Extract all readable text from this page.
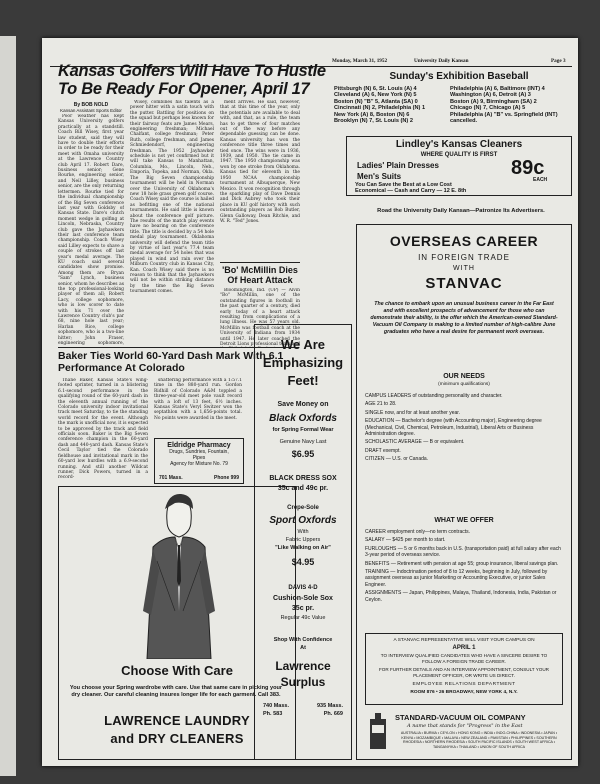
Monday, March 31, 1952	University Daily Kansan	Page 3
Kansas Golfers Will Have To Hustle To Be Ready For Opener, April 17
By BOB NOLD
Kansan Assistant Sports Editor

Poor weather has kept Kansas University golfers practically at a standstill. Coach Bill Wisey, first year law student, said they will have to double their efforts in order to be ready for their meet with Omaha university at the Lawrence Country club April 17. Robert Dare, business senior; Gene Rourke, engineering senior, and Neil Lilley, business senior, are the only returning lettermen. Rourke tied for the individual championship of the Big Seven conference last year with Goldsby of Kansas State. Dare's clutch moment wedge in golfing at Lincoln, Nebraska, Country club gave the Jayhawkers their last conference team championship. Coach Wisey said Lilley expects to shave a couple of strokes off last year's medal average. The KU coach said several candidates show promise. Among them are Bryan "Sam" Lynch, business senior, whom he describes as the top professional-looking player of them all; Robert Lacy, college sophomore, who is low scorer to date with his 71 over the Lawrence Country club's par 68, nine hole last year; Harlan Rice, college sophomore, who is a two-line hitter; John Fraser, engineering sophomore,

Wisey, combines his talents as a power hitter with a satin touch with the putter. Battling for positions on the squad but perhaps less known for their fairway feats are James Mears, engineering freshman; Michael Chalfant, college freshman; Peter Ruth, college freshman, and James Schmiedendorf, engineering freshman. The 1952 Jayhawker schedule is not yet confirmed but it will take Kansas to Manhattan, Columbia, Mo., Lincoln, Neb., Emporia, Topeka, and Norman, Okla. The Big Seven championship tournament will be held in Norman over the University of Oklahoma's new 18 hole grass green golf course. Coach Wisey said the course is hailed as befitting one of the national tournaments. He said little is known about the conference golf picture. The results of the match play events have no bearing on the conference title. The title is decided by a 54 hole medal play tournament. Oklahoma university will defend the team title by virtue of last year's 77.4 team medal average for 54 holes that was played in wind and rain over the Milburn Country club in Kansas City, Kan. Coach Wisey said there is no reason to think that the Jayhawkers will not be within striking distance by the time the Big Seven tournament comes.

ment arrives. He said, however, that at this time of the year, only the potentials are available to deal with, and that, as a rule, the team has to get three of four matches out of the way before any dependable guessing can be done. Kansas university has won the conference title three times and tied once. The wins were in 1936, 1939, and 1950. The tie came in 1947. The 1950 championship was won by one stroke from Oklahoma. Kansas tied for eleventh in the 1950 NCAA championship tournament at Albuquerque, New Mexico. It won recognition through the sparkling play of Dave Dennis and Dick Aubrey who took their place in KU golf history with such outstanding players as Bob Butler, Glenn Galloway, Dean Ritchie, and W. R. "Ted" Jones.

'Bo' McMillin Dies Of Heart Attack

Bloomington, Ind. (UP) — Alvin "Bo" McMillin, one of the outstanding figures in football in the past quarter of a century, died early today of a heart attack resulting from complications of a lung illness. He was 57 years old. McMillin was football coach at the University of Indiana from 1934 until 1947. He later coached the Detroit Lions professional team and

Baker Ties World 60-Yard Dash Mark With 6.1 Performance At Colorado

Thane Baker, Kansas State's wing-footed sprinter, turned in a blistering 6.1-second performance in the qualifying round of the 60-yard dash in the eleventh annual running of the Colorado university indoor invitational track meet Saturday, to tie the standing world record for the event. Although the mark is unofficial now, it is expected to be approved by the track and field officials soon. Baker is the Big Seven conference champion in the 60-yard dash and 440-yard dash. Kansas State's Cecil Taylor tied the Colorado fieldhouse and invitational mark in the 60-yard low hurdles with a 6.9-second running. And still another Wildcat runner, Dick Powers, turned in a record-

shattering performance with a 1:57.1 time in the 880-yard run. Gordon Ridhill of Colorado A&M toppled a three-year-old meet pole vault record with a loft of 13 feet, 6½ inches. Kansas State's Veryl Switzer won the septathlon with a 1,656-points total. No points were awarded in the meet.

Eldridge Pharmacy
Drugs, Sundries, Fountain,
Pipes
Agency for Mixture No. 79
701 Mass.	Phone 999
Choose With Care
You choose your Spring wardrobe with care. Use that same care in picking your dry cleaner. Our careful cleaning insures longer life for each garment. Call 383.
LAWRENCE LAUNDRY
and DRY CLEANERS
We Are
Emphasizing
Feet!
Save Money on
Black Oxfords
for Spring Formal Wear
Genuine Navy Last
$6.95
BLACK DRESS SOX
35c and 49c pr.
Crepe-Sole
Sport Oxfords
With
Fabric Uppers
"Like Walking on Air"
$4.95
DAVIS 4-D
Cushion-Sole Sox
35c pr.
Regular 49c Value
Shop With Confidence
At
Lawrence
Surplus
740 Mass.
Ph. 583
935 Mass.
Ph. 669
Sunday's Exhibition Baseball
Pittsburgh (N) 6, St. Louis (A) 4
Cleveland (A) 6, New York (N) 5
Boston (N) "B" 5, Atlanta (SA) 0
Cincinnati (N) 2, Philadelphia (N) 1
New York (A) 8, Boston (N) 6
Brooklyn (N) 7, St. Louis (N) 2
Philadelphia (A) 6, Baltimore (INT) 4
Washington (A) 6, Detroit (A) 3
Boston (A) 9, Birmingham (SA) 2
Chicago (N) 7, Chicago (A) 5
Philadelphia (A) "B" vs. Springfield (INT) cancelled.
Lindley's Kansas Cleaners
WHERE QUALITY IS FIRST
Ladies' Plain Dresses
Men's Suits	89c
EACH
You Can Save the Best at a Low Cost
Economical — Cash and Carry — 12 E. 8th
Road the University Daily Kansan—Patronize Its Advertisers.
OVERSEAS CAREER
IN FOREIGN TRADE
WITH
STANVAC
The chance to embark upon an unusual business career in the Far East and with excellent prospects of advancement for those who can demonstrate their ability, is the offer which the American-owned Standard-Vacuum Oil Company is making to a limited number of high-calibre June graduates who have a real desire for permanent work overseas.
OUR NEEDS
(minimum qualifications)
CAMPUS LEADERS of outstanding personality and character.
AGE 21 to 28.
SINGLE now, and for at least another year.
EDUCATION — Bachelor's degree (with Accounting major), Engineering degree (Mechanical, Civil, Chemical, Petroleum, Industrial), Liberal Arts or Business Administration degree.
SCHOLASTIC AVERAGE — B or equivalent.
DRAFT exempt.
CITIZEN — U.S. or Canada.
WHAT WE OFFER
CAREER employment only—no term contracts.
SALARY — $425 per month to start.
FURLOUGHS — 5 or 6 months back in U.S. (transportation paid) at full salary after each 3-year period of overseas service.
BENEFITS — Retirement with pension at age 55; group insurance, liberal savings plan.
TRAINING — Indoctrination period of 8 to 12 weeks, beginning in July, followed by assignment overseas as junior Marketing or Accounting Executive, or junior Sales Engineer.
ASSIGNMENTS — Japan, Philippines, Malaya, Thailand, Indonesia, India, Pakistan or Ceylon.
A STANVAC REPRESENTATIVE WILL VISIT YOUR CAMPUS ON
APRIL 1
TO INTERVIEW QUALIFIED CANDIDATES WHO HAVE A SINCERE DESIRE TO FOLLOW A FOREIGN TRADE CAREER.
FOR FURTHER DETAILS AND AN INTERVIEW APPOINTMENT, CONSULT YOUR PLACEMENT OFFICER, OR WRITE US DIRECT.
EMPLOYEE RELATIONS DEPARTMENT
ROOM 876 • 26 BROADWAY, NEW YORK 4, N.Y.
STANDARD-VACUUM OIL COMPANY
A name that stands for "Progress" in the East
AUSTRALIA • BURMA • CEYLON • HONG KONG • INDIA • INDO-CHINA • INDONESIA • JAPAN • KENYA • MOZAMBIQUE • MALAYA • NEW ZEALAND • PAKISTAN • PHILIPPINES • SOUTHERN RHODESIA • NORTHERN RHODESIA • SOUTH PACIFIC ISLANDS • SOUTH WEST AFRICA • TANGANYIKA • THAILAND • UNION OF SOUTH AFRICA
